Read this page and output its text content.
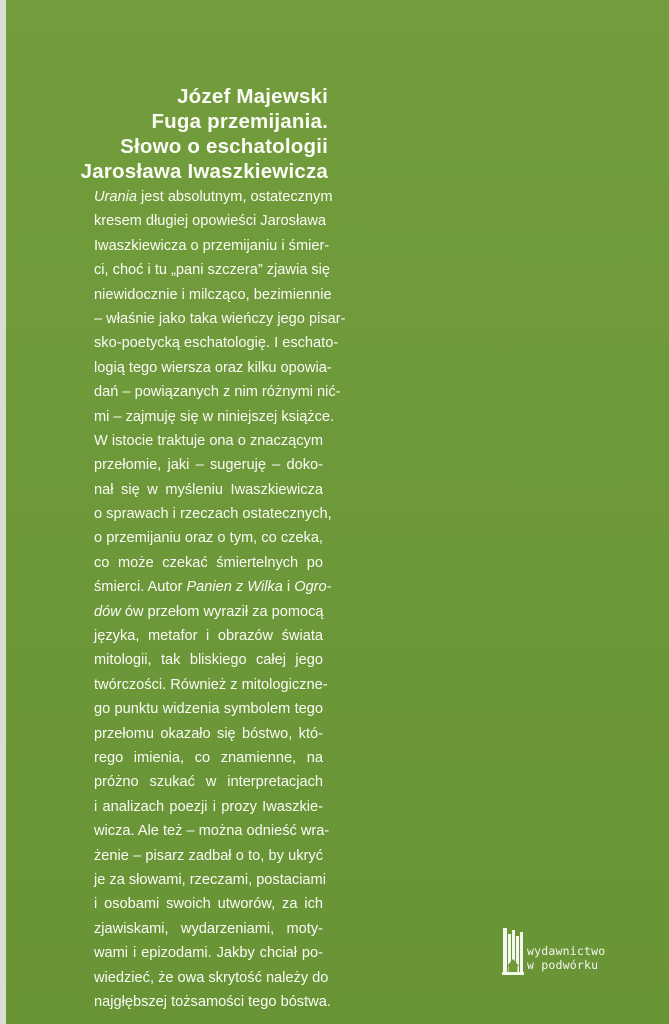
Józef Majewski
Fuga przemijania.
Słowo o eschatologii
Jarosława Iwaszkiewicza
Urania jest absolutnym, ostatecznym
kresem długiej opowieści Jarosława
Iwaszkiewicza o przemijaniu i śmier-
ci, choć i tu „pani szczera” zjawia się
niewidocznie i milcząco, bezimiennie
– właśnie jako taka wieńczy jego pisar-
sko-poetycką eschatologię. I eschato-
logią tego wiersza oraz kilku opowia-
dań – powiązanych z nim różnymi nić-
mi – zajmuję się w niniejszej książce.
W istocie traktuje ona o znaczącym
przełomie, jaki – sugeruję – doko-
nał się w myśleniu Iwaszkiewicza
o sprawach i rzeczach ostatecznych,
o przemijaniu oraz o tym, co czeka,
co może czekać śmiertelnych po
śmierci. Autor Panien z Wilka i Ogro-
dów ów przełom wyraził za pomocą
języka, metafor i obrazów świata
mitologii, tak bliskiego całej jego
twórczości. Również z mitologiczne-
go punktu widzenia symbolem tego
przełomu okazało się bóstwo, któ-
rego imienia, co znamienne, na
próżno szukać w interpretacjach
i analizach poezji i prozy Iwaszkie-
wicza. Ale też – można odnieść wra-
żenie – pisarz zadbał o to, by ukryć
je za słowami, rzeczami, postaciami
i osobami swoich utworów, za ich
zjawiskami, wydarzeniami, moty-
wami i epizodami. Jakby chciał po-
wiedzieć, że owa skrytość należy do
najgłębszej tożsamości tego bóstwa.
wydawnictwo
w podwórku
